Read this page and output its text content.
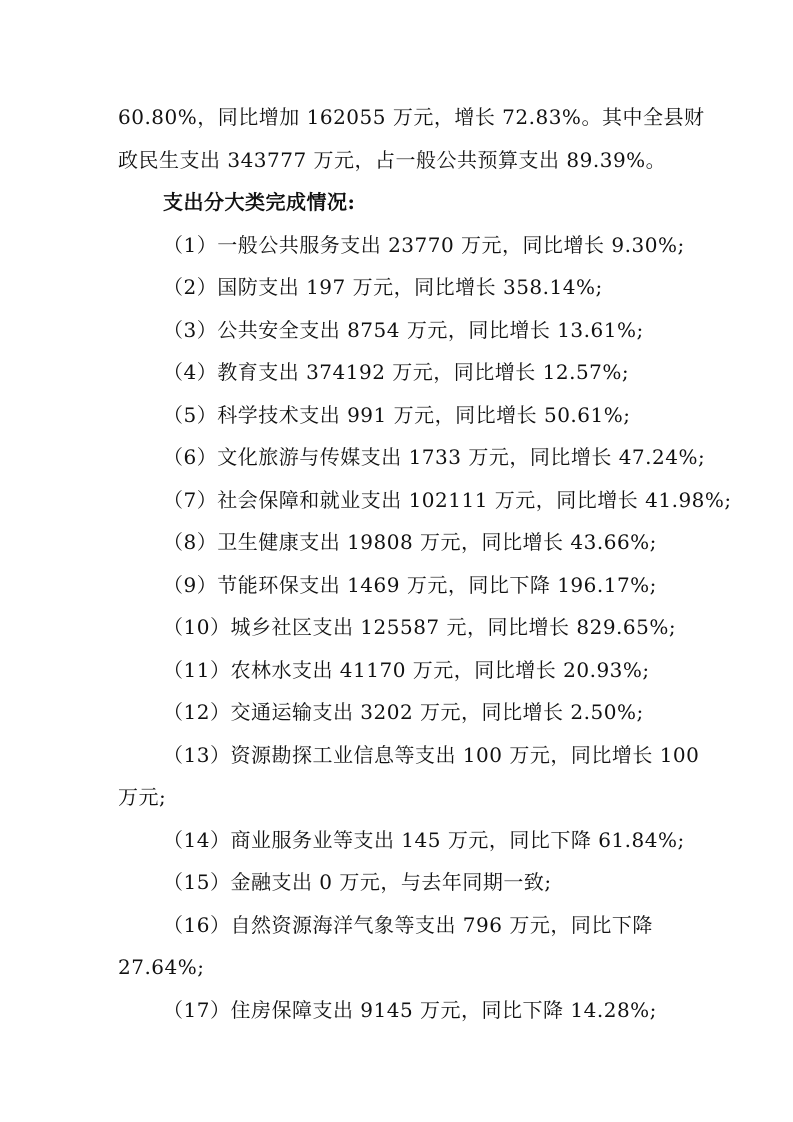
60.80%，同比增加 162055 万元，增长 72.83%。其中全县财
政民生支出 343777 万元，占一般公共预算支出 89.39%。
支出分大类完成情况:
（1）一般公共服务支出 23770 万元，同比增长 9.30%;
（2）国防支出 197 万元，同比增长 358.14%;
（3）公共安全支出 8754 万元，同比增长 13.61%;
（4）教育支出 374192 万元，同比增长 12.57%;
（5）科学技术支出 991 万元，同比增长 50.61%;
（6）文化旅游与传媒支出 1733 万元，同比增长 47.24%;
（7）社会保障和就业支出 102111 万元，同比增长 41.98%;
（8）卫生健康支出 19808 万元，同比增长 43.66%;
（9）节能环保支出 1469 万元，同比下降 196.17%;
（10）城乡社区支出 125587 元，同比增长 829.65%;
（11）农林水支出 41170 万元，同比增长 20.93%;
（12）交通运输支出 3202 万元，同比增长 2.50%;
（13）资源勘探工业信息等支出 100 万元，同比增长 100
万元;
（14）商业服务业等支出 145 万元，同比下降 61.84%;
（15）金融支出 0 万元，与去年同期一致;
（16）自然资源海洋气象等支出 796 万元，同比下降
27.64%;
（17）住房保障支出 9145 万元，同比下降 14.28%;
